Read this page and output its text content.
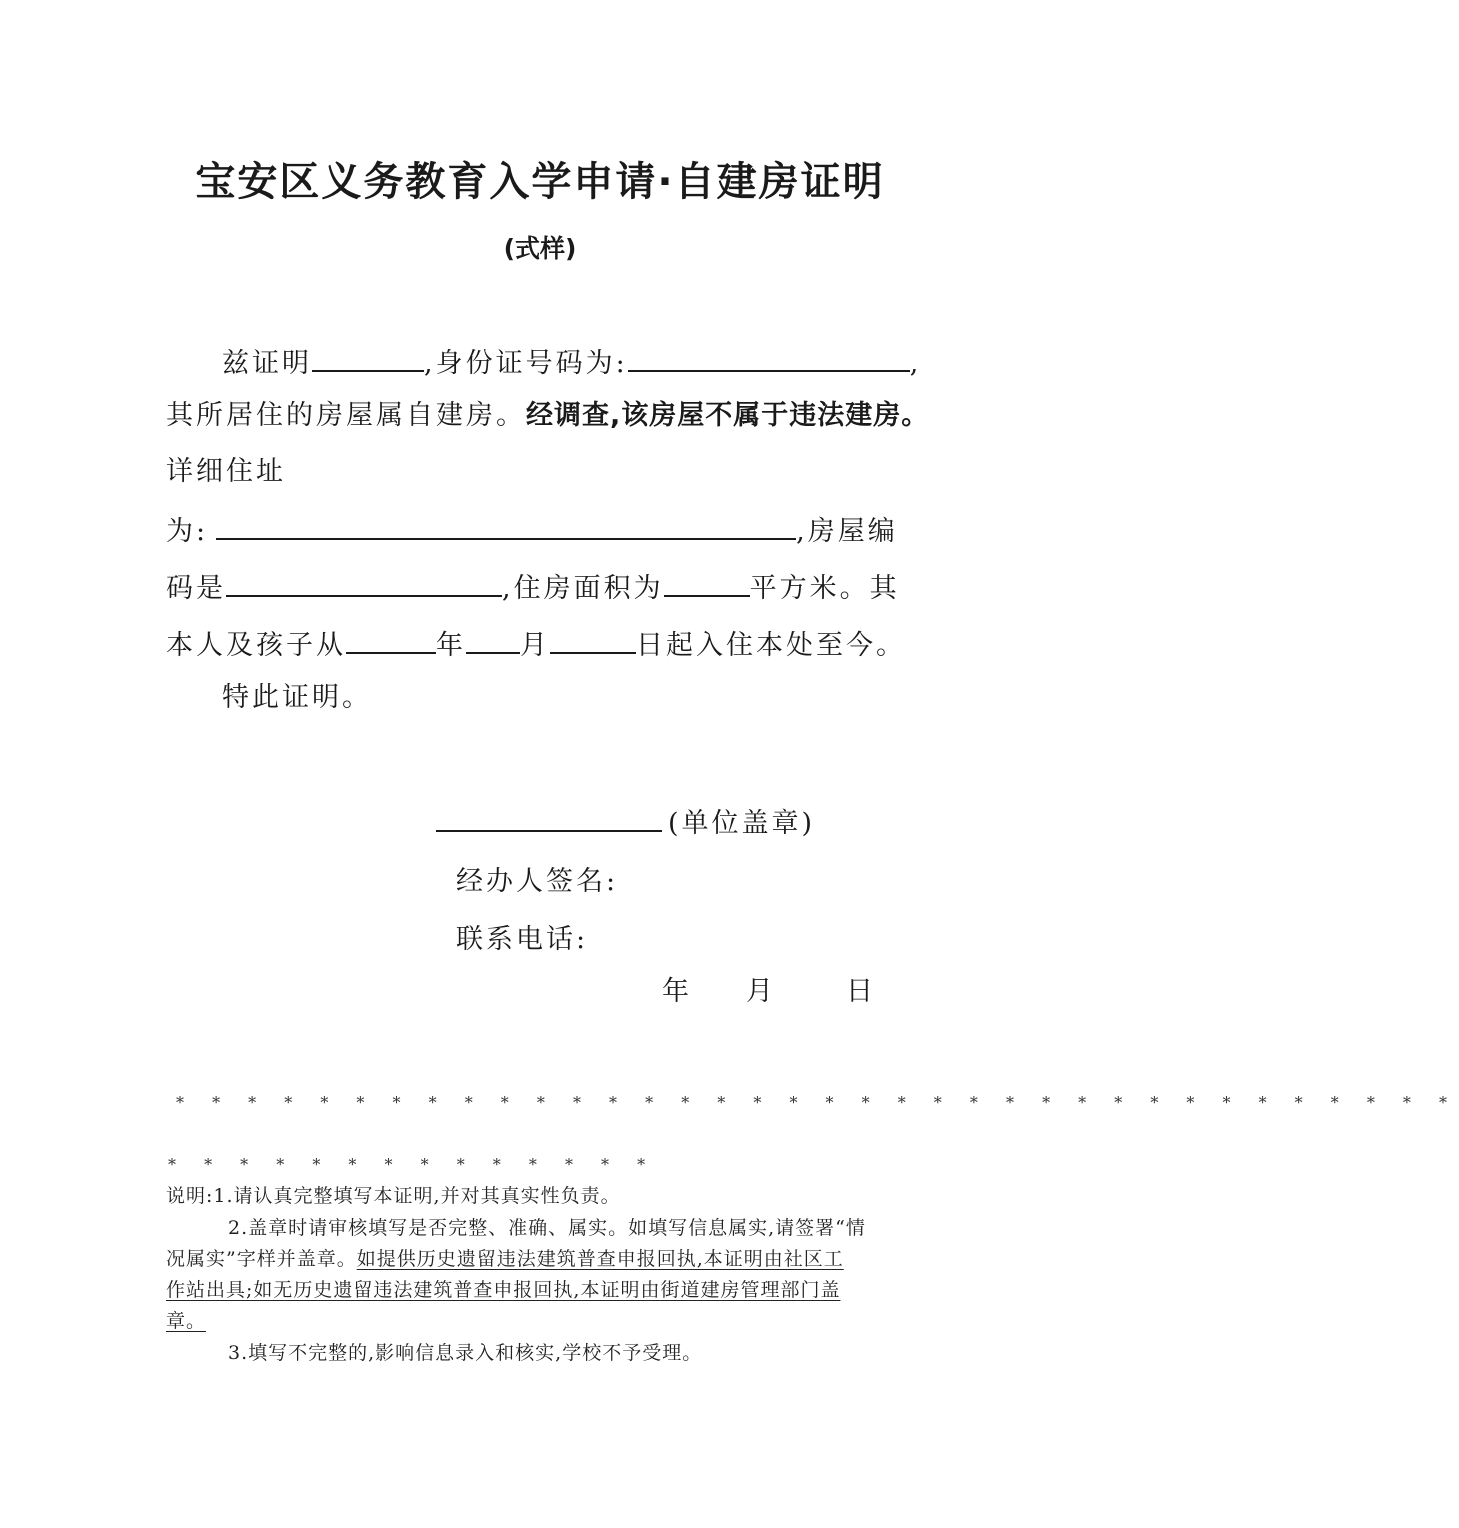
宝安区义务教育入学申请·自建房证明
(式样)
兹证明	,身份证号码为:	,
其所居住的房屋属自建房。经调查,该房屋不属于违法建房。
详细住址
为:	,房屋编
码是	,住房面积为	平方米。其
本人及孩子从	年 月	日起入住本处至今。
特此证明。
(单位盖章)
经办人签名:
联系电话:
年 月	日
* * * * * * * * * * * * * * * * * * * * * * * * * * * * * * * * * * * *
* * * * * * * * * * * * * *
说明:1.请认真完整填写本证明,并对其真实性负责。
2.盖章时请审核填写是否完整、准确、属实。如填写信息属实,请签署“情
况属实”字样并盖章。如提供历史遗留违法建筑普查申报回执,本证明由社区工
作站出具;如无历史遗留违法建筑普查申报回执,本证明由街道建房管理部门盖
章。
3.填写不完整的,影响信息录入和核实,学校不予受理。
